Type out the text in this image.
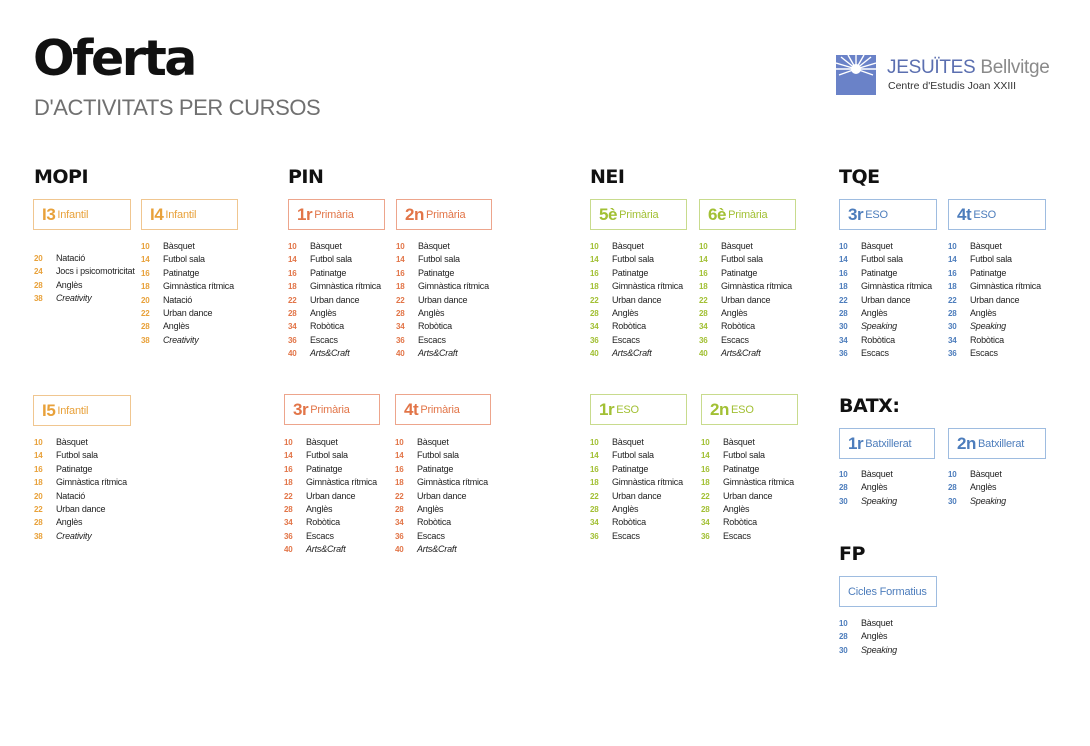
Oferta
D'ACTIVITATS PER CURSOS
JESUÏTES Bellvitge
Centre d'Estudis Joan XXIII
MOPI	PIN	NEI	TQE
BATX:
FP
I3 Infantil
20 Natació
24 Jocs i psicomotricitat
28 Anglès
38 Creativity
I4 Infantil
10 Bàsquet
14 Futbol sala
16 Patinatge
18 Gimnàstica rítmica
20 Natació
22 Urban dance
28 Anglès
38 Creativity
I5 Infantil
10 Bàsquet
14 Futbol sala
16 Patinatge
18 Gimnàstica rítmica
20 Natació
22 Urban dance
28 Anglès
38 Creativity
1r Primària
10 Bàsquet
14 Futbol sala
16 Patinatge
18 Gimnàstica rítmica
22 Urban dance
28 Anglès
34 Robòtica
36 Escacs
40 Arts&Craft
2n Primària
10 Bàsquet
14 Futbol sala
16 Patinatge
18 Gimnàstica rítmica
22 Urban dance
28 Anglès
34 Robòtica
36 Escacs
40 Arts&Craft
3r Primària
10 Bàsquet
14 Futbol sala
16 Patinatge
18 Gimnàstica rítmica
22 Urban dance
28 Anglès
34 Robòtica
36 Escacs
40 Arts&Craft
4t Primària
10 Bàsquet
14 Futbol sala
16 Patinatge
18 Gimnàstica rítmica
22 Urban dance
28 Anglès
34 Robòtica
36 Escacs
40 Arts&Craft
5è Primària
10 Bàsquet
14 Futbol sala
16 Patinatge
18 Gimnàstica rítmica
22 Urban dance
28 Anglès
34 Robòtica
36 Escacs
40 Arts&Craft
6è Primària
10 Bàsquet
14 Futbol sala
16 Patinatge
18 Gimnàstica rítmica
22 Urban dance
28 Anglès
34 Robòtica
36 Escacs
40 Arts&Craft
1r ESO
10 Bàsquet
14 Futbol sala
16 Patinatge
18 Gimnàstica rítmica
22 Urban dance
28 Anglès
34 Robòtica
36 Escacs
2n ESO
10 Bàsquet
14 Futbol sala
16 Patinatge
18 Gimnàstica rítmica
22 Urban dance
28 Anglès
34 Robòtica
36 Escacs
3r ESO
10 Bàsquet
14 Futbol sala
16 Patinatge
18 Gimnàstica rítmica
22 Urban dance
28 Anglès
30 Speaking
34 Robòtica
36 Escacs
4t ESO
10 Bàsquet
14 Futbol sala
16 Patinatge
18 Gimnàstica rítmica
22 Urban dance
28 Anglès
30 Speaking
34 Robòtica
36 Escacs
1r Batxillerat
10 Bàsquet
28 Anglès
30 Speaking
2n Batxillerat
10 Bàsquet
28 Anglès
30 Speaking
Cicles Formatius
10 Bàsquet
28 Anglès
30 Speaking
